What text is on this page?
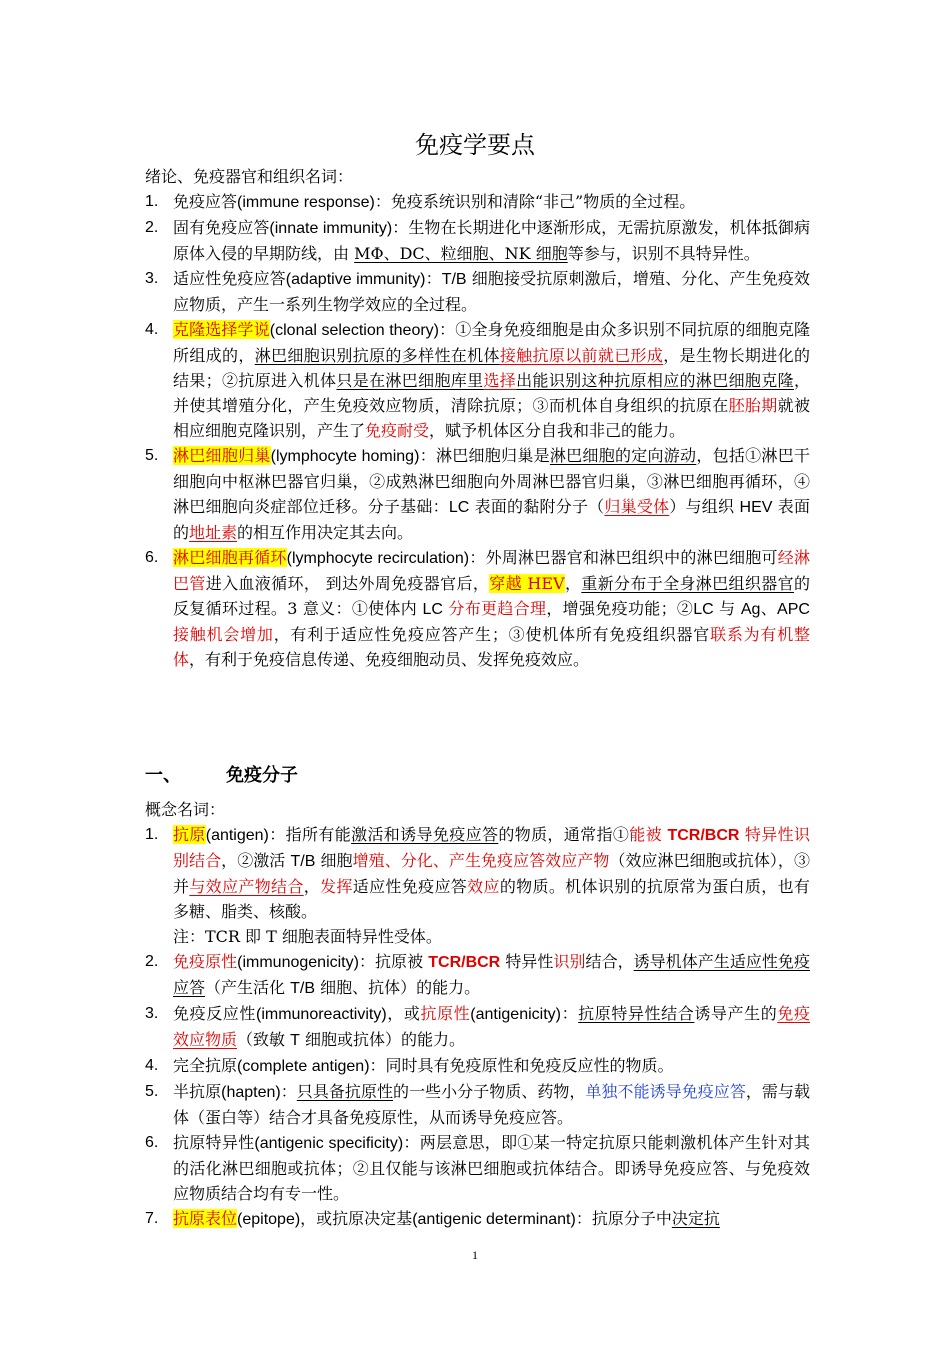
免疫学要点
绪论、免疫器官和组织名词：
1. 免疫应答(immune response)：免疫系统识别和清除“非己”物质的全过程。
2. 固有免疫应答(innate immunity)：生物在长期进化中逐渐形成，无需抗原激发，机体抵御病原体入侵的早期防线，由 MΦ、DC、粒细胞、NK 细胞等参与，识别不具特异性。
3. 适应性免疫应答(adaptive immunity)：T/B 细胞接受抗原刺激后，增殖、分化、产生免疫效应物质，产生一系列生物学效应的全过程。
4. 克隆选择学说(clonal selection theory)：①全身免疫细胞是由众多识别不同抗原的细胞克隆所组成的，淋巴细胞识别抗原的多样性在机体接触抗原以前就已形成，是生物长期进化的结果；②抗原进入机体只是在淋巴细胞库里选择出能识别这种抗原相应的淋巴细胞克隆，并使其增殖分化，产生免疫效应物质，清除抗原；③而机体自身组织的抗原在胚胎期就被相应细胞克隆识别，产生了免疫耐受，赋予机体区分自我和非己的能力。
5. 淋巴细胞归巢(lymphocyte homing)：淋巴细胞归巢是淋巴细胞的定向游动，包括①淋巴干细胞向中枢淋巴器官归巢，②成熟淋巴细胞向外周淋巴器官归巢，③淋巴细胞再循环，④淋巴细胞向炎症部位迁移。分子基础：LC 表面的黏附分子（归巢受体）与组织 HEV 表面的地址素的相互作用决定其去向。
6. 淋巴细胞再循环(lymphocyte recirculation)：外周淋巴器官和淋巴组织中的淋巴细胞可经淋巴管进入血液循环， 到达外周免疫器官后，穿越 HEV，重新分布于全身淋巴组织器官的反复循环过程。3 意义：①使体内 LC 分布更趋合理，增强免疫功能；②LC 与 Ag、APC 接触机会增加，有利于适应性免疫应答产生；③使机体所有免疫组织器官联系为有机整体，有利于免疫信息传递、免疫细胞动员、发挥免疫效应。
一、	免疫分子
概念名词：
1. 抗原(antigen)：指所有能激活和诱导免疫应答的物质，通常指①能被 TCR/BCR 特异性识别结合，②激活 T/B 细胞增殖、分化、产生免疫应答效应产物（效应淋巴细胞或抗体），③并与效应产物结合，发挥适应性免疫应答效应的物质。机体识别的抗原常为蛋白质，也有多糖、脂类、核酸。
注：TCR 即 T 细胞表面特异性受体。
2. 免疫原性(immunogenicity)：抗原被 TCR/BCR 特异性识别结合，诱导机体产生适应性免疫应答（产生活化 T/B 细胞、抗体）的能力。
3. 免疫反应性(immunoreactivity)，或抗原性(antigenicity)：抗原特异性结合诱导产生的免疫效应物质（致敏 T 细胞或抗体）的能力。
4. 完全抗原(complete antigen)：同时具有免疫原性和免疫反应性的物质。
5. 半抗原(hapten)：只具备抗原性的一些小分子物质、药物，单独不能诱导免疫应答，需与载体（蛋白等）结合才具备免疫原性，从而诱导免疫应答。
6. 抗原特异性(antigenic specificity)：两层意思，即①某一特定抗原只能刺激机体产生针对其的活化淋巴细胞或抗体；②且仅能与该淋巴细胞或抗体结合。即诱导免疫应答、与免疫效应物质结合均有专一性。
7. 抗原表位(epitope)，或抗原决定基(antigenic determinant)：抗原分子中决定抗
1
